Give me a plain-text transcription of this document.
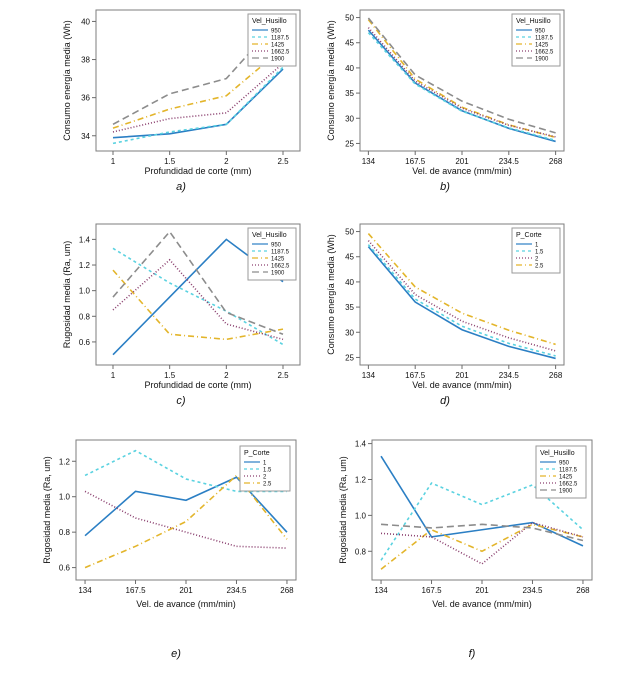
1	1.5	2	2.5
34
36
38
40
Profundidad de corte (mm)
Consumo energía media (Wh)	Vel_Husillo
950
1187.5
1425
1662.5
1900
a)
134	167.5	201	234.5	268
25
30
35
40
45
50
Vel. de avance (mm/min)
Consumo energía media (Wh)	Vel_Husillo
950
1187.5
1425
1662.5
1900
b)
1	1.5	2	2.5
0.6
0.8
1.0
1.2
1.4
Profundidad de corte (mm)
Rugosidad media (Ra, um)
Vel_Husillo
950
1187.5
1425
1662.5
1900
c)
134	167.5	201	234.5	268
25
30
35
40
45
50
Vel. de avance (mm/min)
Consumo energía media (Wh)	P_Corte
1
1.5
2
2.5
d)
134	167.5	201	234.5	268
0.6
0.8
1.0
1.2
Vel. de avance (mm/min)
Rugosidad media (Ra, um)
P_Corte
1
1.5
2
2.5
e)
134	167.5	201	234.5	268
0.8
1.0
1.2
1.4
Vel. de avance (mm/min)
Rugosidad media (Ra, um)
Vel_Husillo
950
1187.5
1425
1662.5
1900
f)
